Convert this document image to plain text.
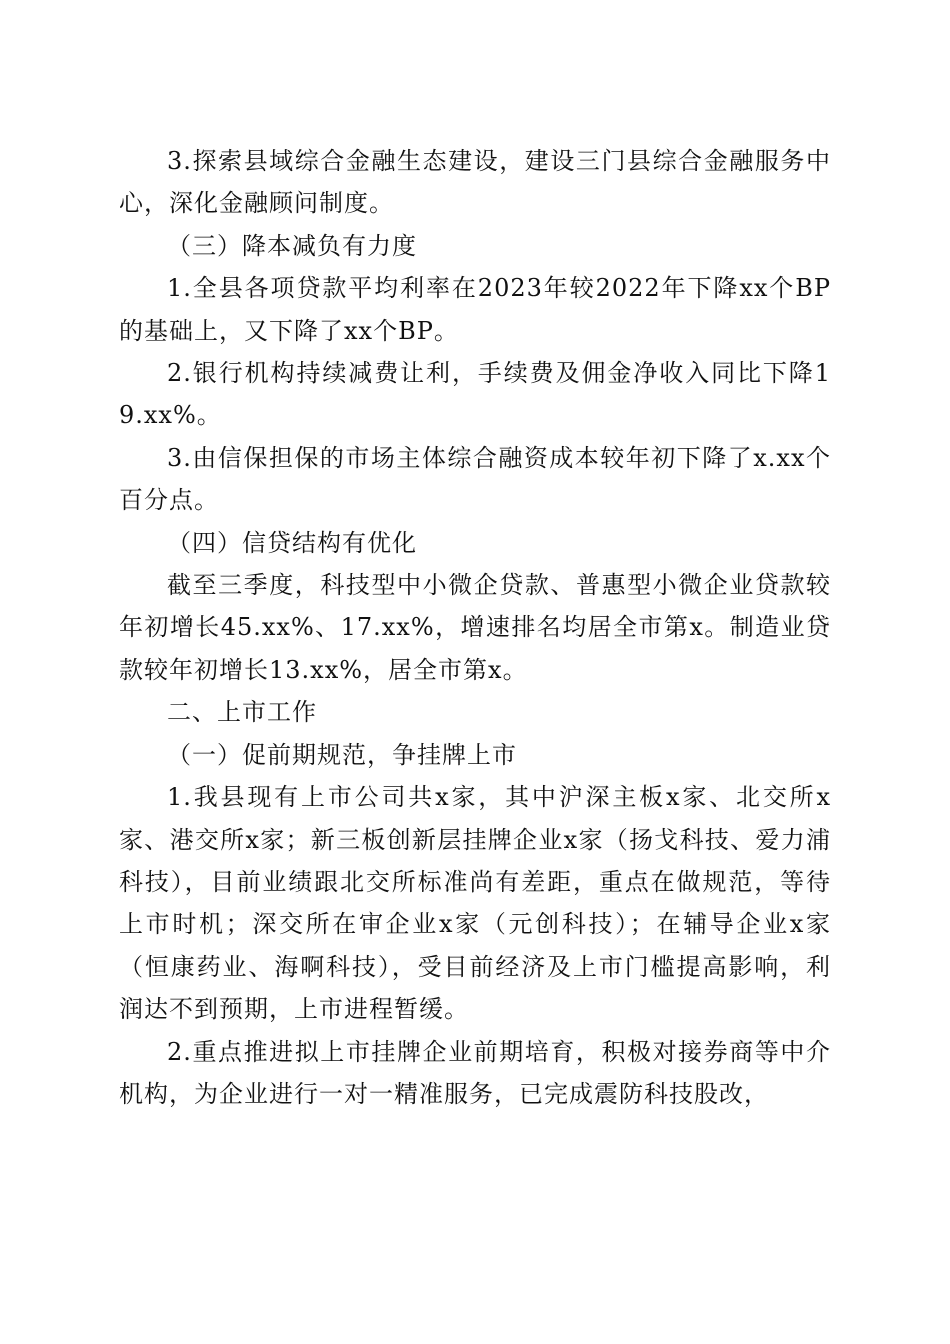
3.探索县域综合金融生态建设，建设三门县综合金融服务中心，深化金融顾问制度。

（三）降本减负有力度

1.全县各项贷款平均利率在2023年较2022年下降xx个BP的基础上，又下降了xx个BP。

2.银行机构持续减费让利，手续费及佣金净收入同比下降19.xx%。

3.由信保担保的市场主体综合融资成本较年初下降了x.xx个百分点。

（四）信贷结构有优化

截至三季度，科技型中小微企贷款、普惠型小微企业贷款较年初增长45.xx%、17.xx%，增速排名均居全市第x。制造业贷款较年初增长13.xx%，居全市第x。

二、上市工作

（一）促前期规范，争挂牌上市

1.我县现有上市公司共x家，其中沪深主板x家、北交所x家、港交所x家；新三板创新层挂牌企业x家（扬戈科技、爱力浦科技），目前业绩跟北交所标准尚有差距，重点在做规范，等待上市时机；深交所在审企业x家（元创科技）；在辅导企业x家（恒康药业、海啊科技），受目前经济及上市门槛提高影响，利润达不到预期，上市进程暂缓。

2.重点推进拟上市挂牌企业前期培育，积极对接券商等中介机构，为企业进行一对一精准服务，已完成震防科技股改，
